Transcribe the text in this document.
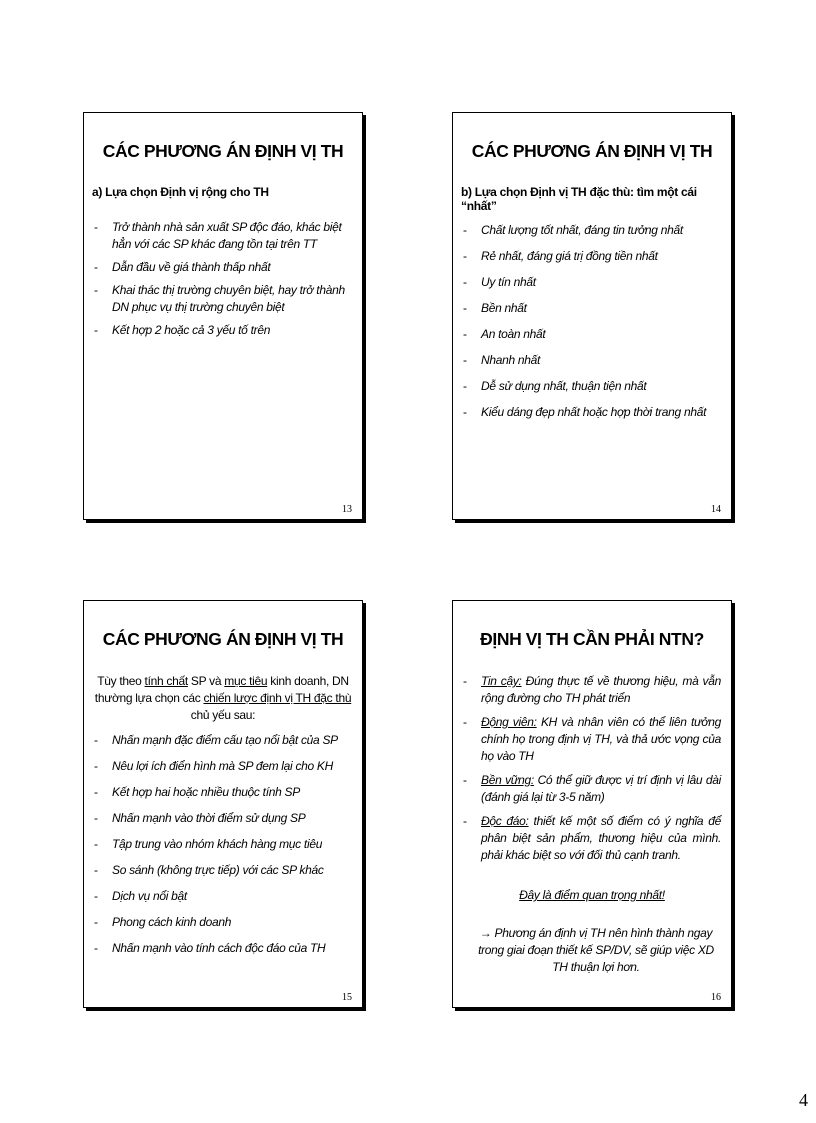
CÁC PHƯƠNG ÁN ĐỊNH VỊ TH
a) Lựa chọn Định vị rộng cho TH
- Trở thành nhà sản xuất SP độc đáo, khác biệt hẳn với các SP khác đang tồn tại trên TT
- Dẫn đầu về giá thành thấp nhất
- Khai thác thị trường chuyên biệt, hay trở thành DN phục vụ thị trường chuyên biệt
- Kết hợp 2 hoặc cả 3 yếu tố trên
13
CÁC PHƯƠNG ÁN ĐỊNH VỊ TH
b) Lựa chọn Định vị TH đặc thù: tìm một cái “nhất”
- Chất lượng tốt nhất, đáng tin tưởng nhất
- Rẻ nhất, đáng giá trị đồng tiền nhất
- Uy tín nhất
- Bền nhất
- An toàn nhất
- Nhanh nhất
- Dễ sử dụng nhất, thuận tiện nhất
- Kiểu dáng đẹp nhất hoặc hợp thời trang nhất
14
CÁC PHƯƠNG ÁN ĐỊNH VỊ TH
Tùy theo tính chất SP và mục tiêu kinh doanh, DN thường lựa chọn các chiến lược định vị TH đặc thù chủ yếu sau:
- Nhấn mạnh đặc điểm cấu tạo nổi bật của SP
- Nêu lợi ích điển hình mà SP đem lại cho KH
- Kết hợp hai hoặc nhiều thuộc tính SP
- Nhấn mạnh vào thời điểm sử dụng SP
- Tập trung vào nhóm khách hàng mục tiêu
- So sánh (không trực tiếp) với các SP khác
- Dịch vụ nổi bật
- Phong cách kinh doanh
- Nhấn mạnh vào tính cách độc đáo của TH
15
ĐỊNH VỊ TH CẦN PHẢI NTN?
- Tin cậy: Đúng thực tế về thương hiệu, mà vẫn rộng đường cho TH phát triển
- Động viên: KH và nhân viên có thể liên tưởng chính họ trong định vị TH, và thả ước vọng của họ vào TH
- Bền vững: Có thể giữ được vị trí định vị lâu dài (đánh giá lại từ 3-5 năm)
- Độc đáo: thiết kế một số điểm có ý nghĩa để phân biệt sản phẩm, thương hiệu của mình. phải khác biệt so với đối thủ cạnh tranh.
Đây là điểm quan trọng nhất!
→ Phương án định vị TH nên hình thành ngay trong giai đoạn thiết kế SP/DV, sẽ giúp việc XD TH thuận lợi hơn.
16
4
